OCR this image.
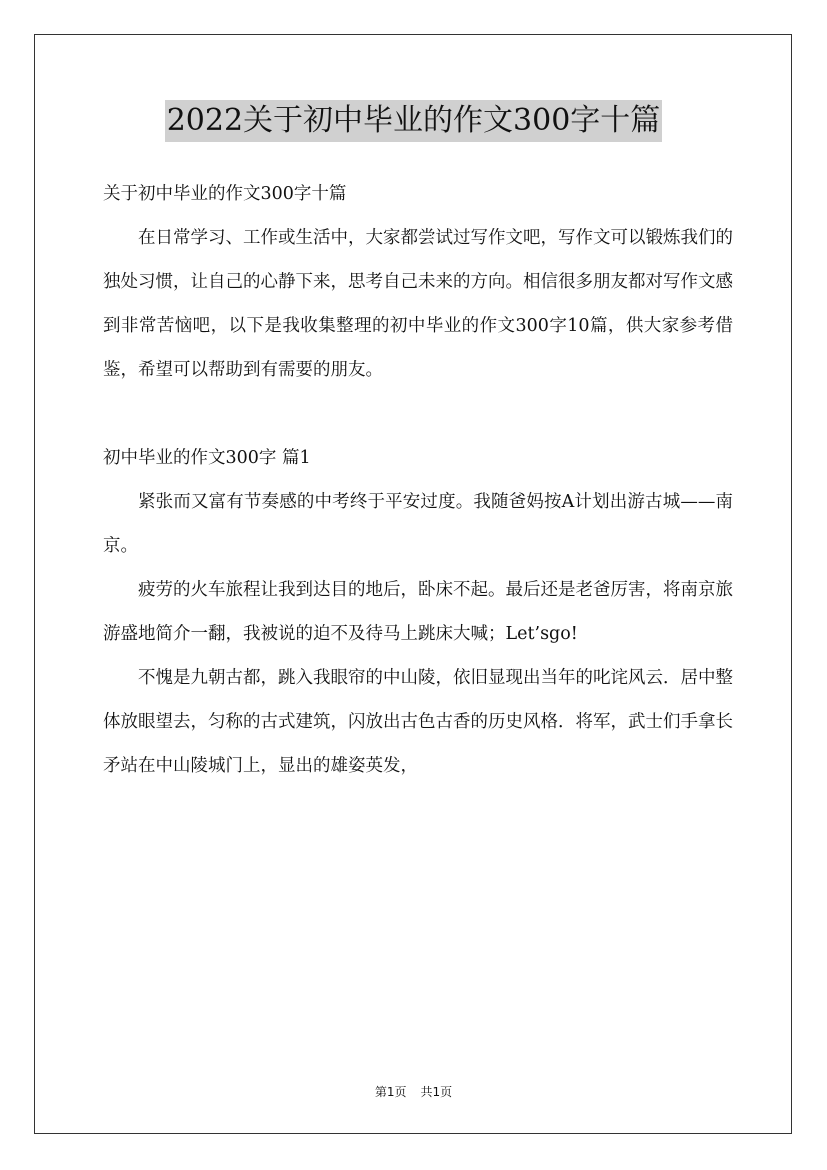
2022关于初中毕业的作文300字十篇

关于初中毕业的作文300字十篇

在日常学习、工作或生活中，大家都尝试过写作文吧，写作文可以锻炼我们的独处习惯，让自己的心静下来，思考自己未来的方向。相信很多朋友都对写作文感到非常苦恼吧，以下是我收集整理的初中毕业的作文300字10篇，供大家参考借鉴，希望可以帮助到有需要的朋友。

初中毕业的作文300字 篇1

紧张而又富有节奏感的中考终于平安过度。我随爸妈按A计划出游古城——南京。

疲劳的火车旅程让我到达目的地后，卧床不起。最后还是老爸厉害，将南京旅游盛地简介一翻，我被说的迫不及待马上跳床大喊；Let’sgo!

不愧是九朝古都，跳入我眼帘的中山陵，依旧显现出当年的叱诧风云．居中整体放眼望去，匀称的古式建筑，闪放出古色古香的历史风格．将军，武士们手拿长矛站在中山陵城门上，显出的雄姿英发，

第1页 共1页
